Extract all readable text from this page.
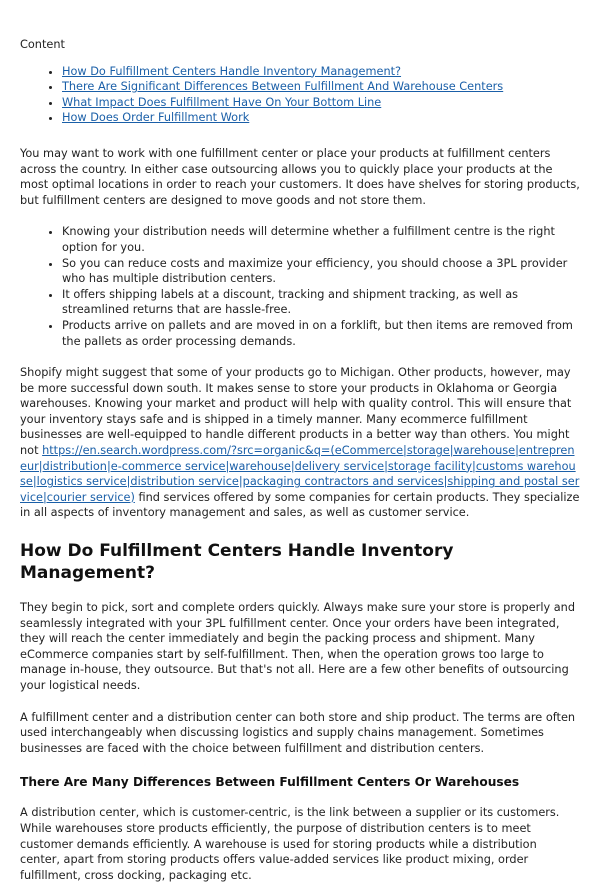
Content
• How Do Fulfillment Centers Handle Inventory Management?
• There Are Significant Differences Between Fulfillment And Warehouse Centers
• What Impact Does Fulfillment Have On Your Bottom Line
• How Does Order Fulfillment Work

You may want to work with one fulfillment center or place your products at fulfillment centers across the country. In either case outsourcing allows you to quickly place your products at the most optimal locations in order to reach your customers. It does have shelves for storing products, but fulfillment centers are designed to move goods and not store them.

• Knowing your distribution needs will determine whether a fulfillment centre is the right option for you.
• So you can reduce costs and maximize your efficiency, you should choose a 3PL provider who has multiple distribution centers.
• It offers shipping labels at a discount, tracking and shipment tracking, as well as streamlined returns that are hassle-free.
• Products arrive on pallets and are moved in on a forklift, but then items are removed from the pallets as order processing demands.

Shopify might suggest that some of your products go to Michigan. Other products, however, may be more successful down south. It makes sense to store your products in Oklahoma or Georgia warehouses. Knowing your market and product will help with quality control. This will ensure that your inventory stays safe and is shipped in a timely manner. Many ecommerce fulfillment businesses are well-equipped to handle different products in a better way than others. You might not https://en.search.wordpress.com/?src=organic&q=(eCommerce|storage|warehouse|entrepreneur|distribution|e-commerce service|warehouse|delivery service|storage facility|customs warehouse|logistics service|distribution service|packaging contractors and services|shipping and postal service|courier service) find services offered by some companies for certain products. They specialize in all aspects of inventory management and sales, as well as customer service.

How Do Fulfillment Centers Handle Inventory Management?

They begin to pick, sort and complete orders quickly. Always make sure your store is properly and seamlessly integrated with your 3PL fulfillment center. Once your orders have been integrated, they will reach the center immediately and begin the packing process and shipment. Many eCommerce companies start by self-fulfillment. Then, when the operation grows too large to manage in-house, they outsource. But that's not all. Here are a few other benefits of outsourcing your logistical needs.

A fulfillment center and a distribution center can both store and ship product. The terms are often used interchangeably when discussing logistics and supply chains management. Sometimes businesses are faced with the choice between fulfillment and distribution centers.

There Are Many Differences Between Fulfillment Centers Or Warehouses

A distribution center, which is customer-centric, is the link between a supplier or its customers. While warehouses store products efficiently, the purpose of distribution centers is to meet customer demands efficiently. A warehouse is used for storing products while a distribution center, apart from storing products offers value-added services like product mixing, order fulfillment, cross docking, packaging etc.
